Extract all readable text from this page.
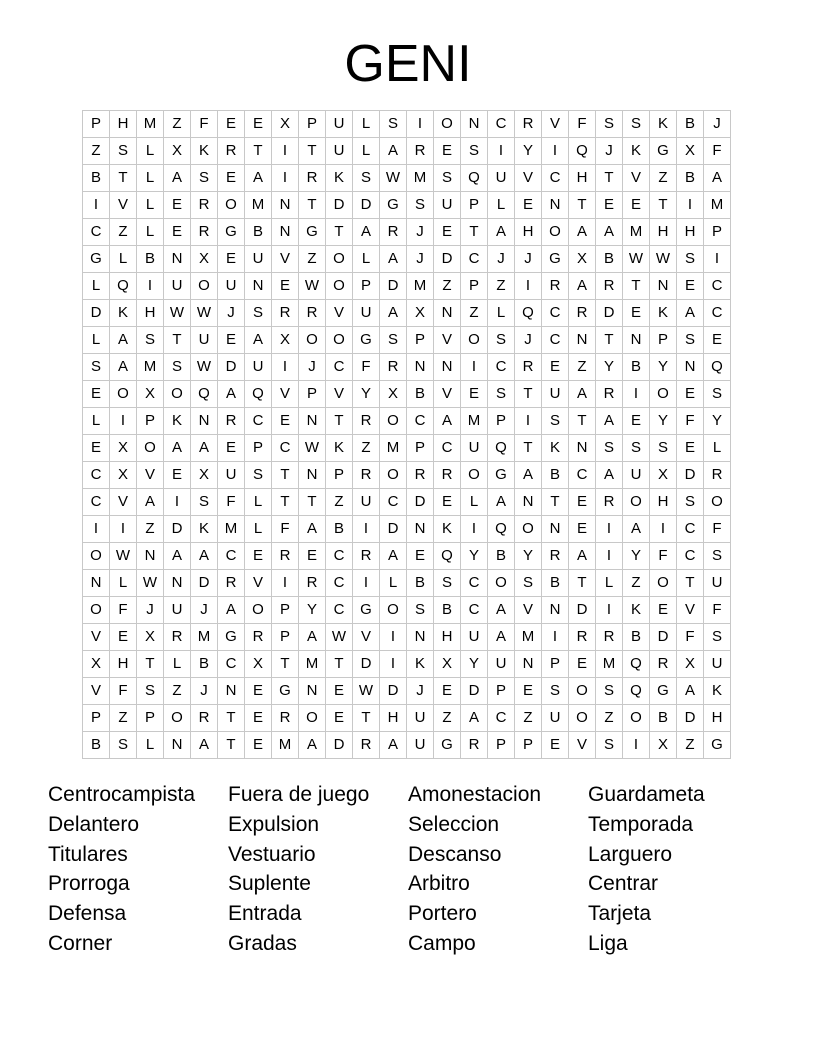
GENI
P	H	M	Z	F	E	E	X	P	U	L	S	I	O	N	C	R	V	F	S	S	K	B	J
Z	S	L	X	K	R	T	I	T	U	L	A	R	E	S	I	Y	I	Q	J	K	G	X	F
B	T	L	A	S	E	A	I	R	K	S	W	M	S	Q	U	V	C	H	T	V	Z	B	A
I	V	L	E	R	O	M	N	T	D	D	G	S	U	P	L	E	N	T	E	E	T	I	M
C	Z	L	E	R	G	B	N	G	T	A	R	J	E	T	A	H	O	A	A	M	H	H	P
G	L	B	N	X	E	U	V	Z	O	L	A	J	D	C	J	J	G	X	B	W	W	S	I
L	Q	I	U	O	U	N	E	W	O	P	D	M	Z	P	Z	I	R	A	R	T	N	E	C
D	K	H	W	W	J	S	R	R	V	U	A	X	N	Z	L	Q	C	R	D	E	K	A	C
L	A	S	T	U	E	A	X	O	O	G	S	P	V	O	S	J	C	N	T	N	P	S	E
S	A	M	S	W	D	U	I	J	C	F	R	N	N	I	C	R	E	Z	Y	B	Y	N	Q
E	O	X	O	Q	A	Q	V	P	V	Y	X	B	V	E	S	T	U	A	R	I	O	E	S
L	I	P	K	N	R	C	E	N	T	R	O	C	A	M	P	I	S	T	A	E	Y	F	Y
E	X	O	A	A	E	P	C	W	K	Z	M	P	C	U	Q	T	K	N	S	S	S	E	L
C	X	V	E	X	U	S	T	N	P	R	O	R	R	O	G	A	B	C	A	U	X	D	R
C	V	A	I	S	F	L	T	T	Z	U	C	D	E	L	A	N	T	E	R	O	H	S	O
I	I	Z	D	K	M	L	F	A	B	I	D	N	K	I	Q	O	N	E	I	A	I	C	F
O	W	N	A	A	C	E	R	E	C	R	A	E	Q	Y	B	Y	R	A	I	Y	F	C	S
N	L	W	N	D	R	V	I	R	C	I	L	B	S	C	O	S	B	T	L	Z	O	T	U
O	F	J	U	J	A	O	P	Y	C	G	O	S	B	C	A	V	N	D	I	K	E	V	F
V	E	X	R	M	G	R	P	A	W	V	I	N	H	U	A	M	I	R	R	B	D	F	S
X	H	T	L	B	C	X	T	M	T	D	I	K	X	Y	U	N	P	E	M	Q	R	X	U
V	F	S	Z	J	N	E	G	N	E	W	D	J	E	D	P	E	S	O	S	Q	G	A	K
P	Z	P	O	R	T	E	R	O	E	T	H	U	Z	A	C	Z	U	O	Z	O	B	D	H
B	S	L	N	A	T	E	M	A	D	R	A	U	G	R	P	P	E	V	S	I	X	Z	G
Centrocampista	Fuera de juego	Amonestacion	Guardameta
Delantero	Expulsion	Seleccion	Temporada
Titulares	Vestuario	Descanso	Larguero
Prorroga	Suplente	Arbitro	Centrar
Defensa	Entrada	Portero	Tarjeta
Corner	Gradas	Campo	Liga
